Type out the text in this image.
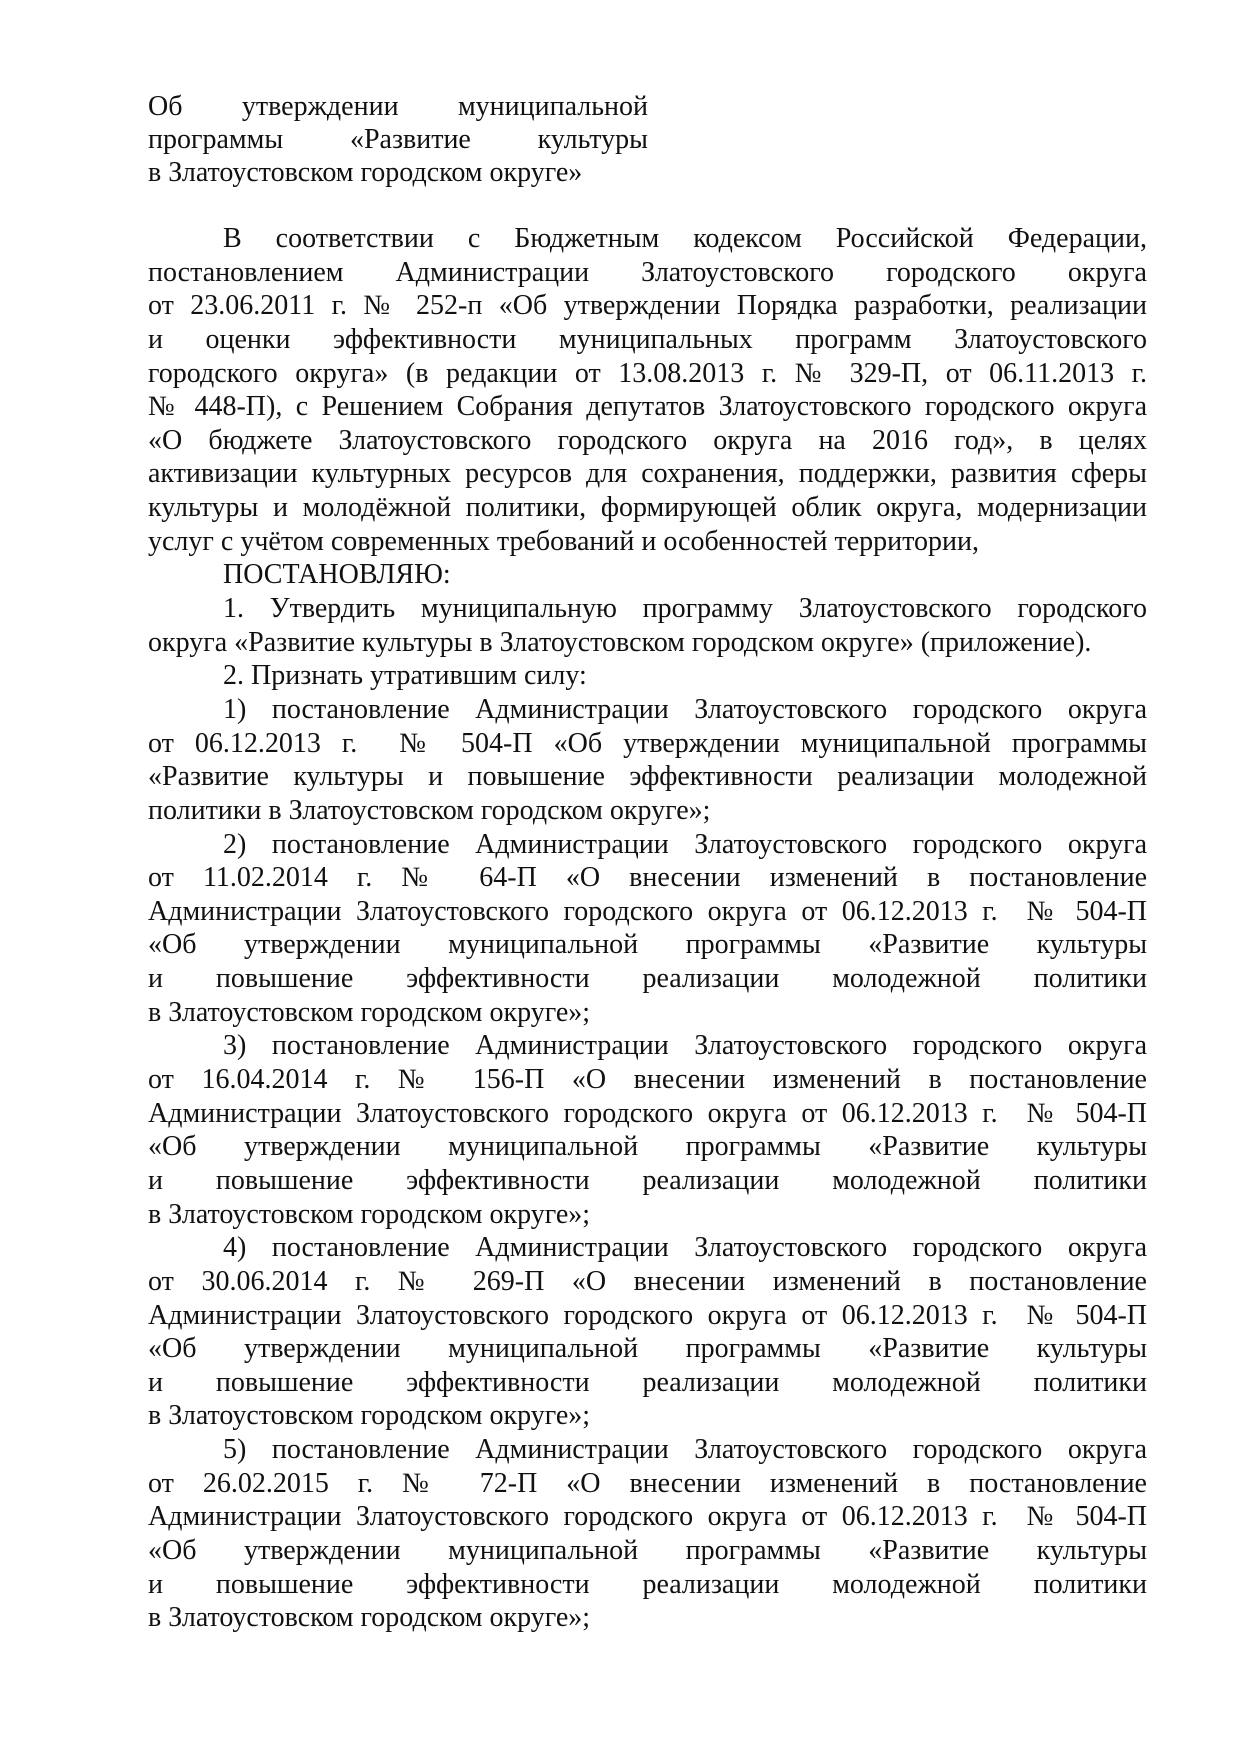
Об утверждении муниципальной
программы «Развитие культуры
в Златоустовском городском округе»
В соответствии с Бюджетным кодексом Российской Федерации,
постановлением Администрации Златоустовского городского округа
от 23.06.2011 г. № 252-п «Об утверждении Порядка разработки, реализации
и оценки эффективности муниципальных программ Златоустовского
городского округа» (в редакции от 13.08.2013 г. № 329-П, от 06.11.2013 г.
№ 448-П), с Решением Собрания депутатов Златоустовского городского округа
«О бюджете Златоустовского городского округа на 2016 год», в целях
активизации культурных ресурсов для сохранения, поддержки, развития сферы
культуры и молодёжной политики, формирующей облик округа, модернизации
услуг с учётом современных требований и особенностей территории,
ПОСТАНОВЛЯЮ:
1. Утвердить муниципальную программу Златоустовского городского
округа «Развитие культуры в Златоустовском городском округе» (приложение).
2. Признать утратившим силу:
1) постановление Администрации Златоустовского городского округа
от 06.12.2013 г.  № 504-П «Об утверждении муниципальной программы
«Развитие культуры и повышение эффективности реализации молодежной
политики в Златоустовском городском округе»;
2) постановление Администрации Златоустовского городского округа
от 11.02.2014 г. № 64-П «О внесении изменений в постановление
Администрации Златоустовского городского округа от 06.12.2013 г.  № 504-П
«Об утверждении муниципальной программы «Развитие культуры
и повышение эффективности реализации молодежной политики
в Златоустовском городском округе»;
3) постановление Администрации Златоустовского городского округа
от 16.04.2014 г. № 156-П «О внесении изменений в постановление
Администрации Златоустовского городского округа от 06.12.2013 г.  № 504-П
«Об утверждении муниципальной программы «Развитие культуры
и повышение эффективности реализации молодежной политики
в Златоустовском городском округе»;
4) постановление Администрации Златоустовского городского округа
от 30.06.2014 г. № 269-П «О внесении изменений в постановление
Администрации Златоустовского городского округа от 06.12.2013 г.  № 504-П
«Об утверждении муниципальной программы «Развитие культуры
и повышение эффективности реализации молодежной политики
в Златоустовском городском округе»;
5) постановление Администрации Златоустовского городского округа
от 26.02.2015 г. № 72-П «О внесении изменений в постановление
Администрации Златоустовского городского округа от 06.12.2013 г.  № 504-П
«Об утверждении муниципальной программы «Развитие культуры
и повышение эффективности реализации молодежной политики
в Златоустовском городском округе»;
